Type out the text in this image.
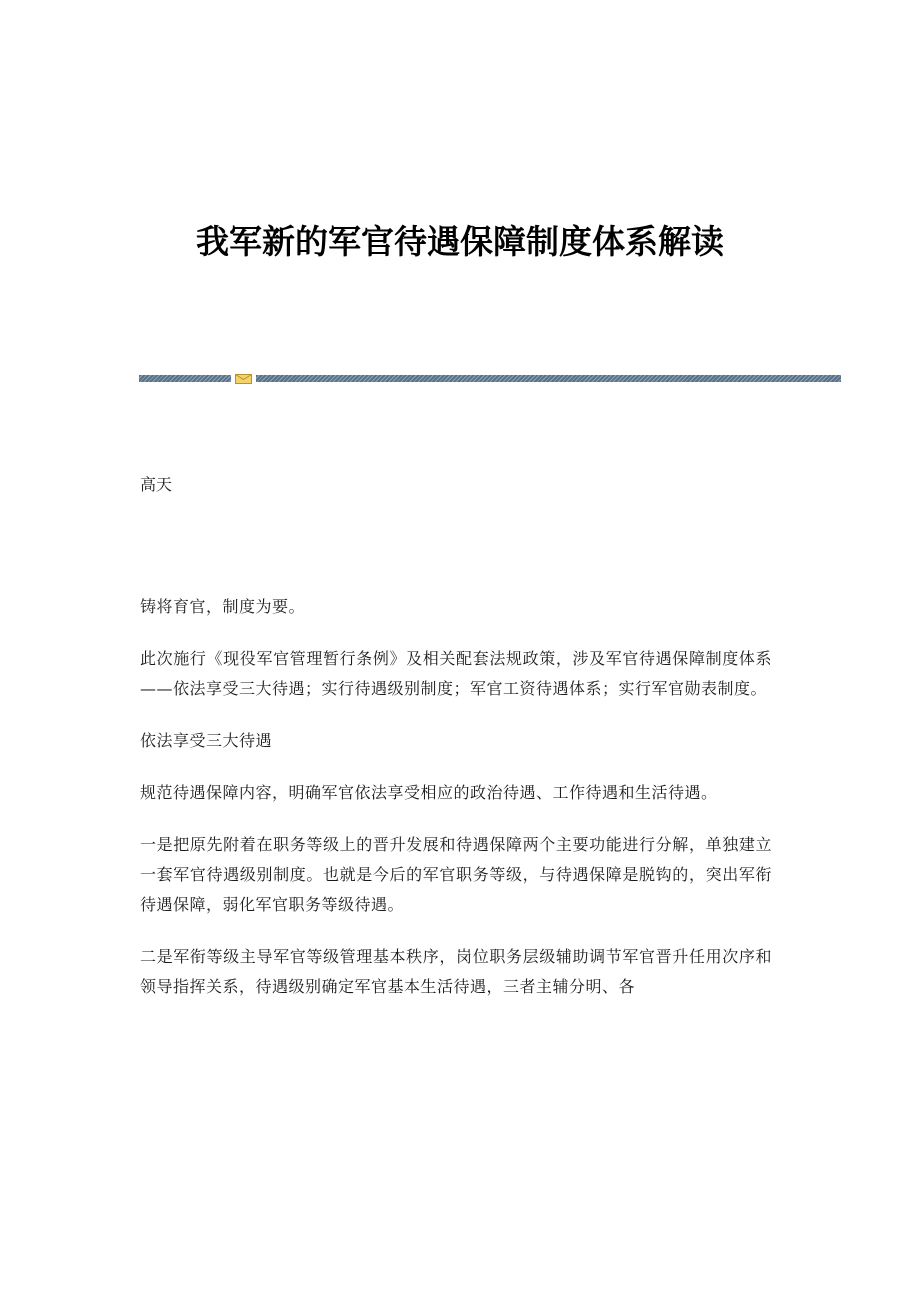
我军新的军官待遇保障制度体系解读
高天

铸将育官，制度为要。

此次施行《现役军官管理暂行条例》及相关配套法规政策，涉及军官待遇保障制度体系——依法享受三大待遇；实行待遇级别制度；军官工资待遇体系；实行军官勋表制度。

依法享受三大待遇

规范待遇保障内容，明确军官依法享受相应的政治待遇、工作待遇和生活待遇。

一是把原先附着在职务等级上的晋升发展和待遇保障两个主要功能进行分解，单独建立一套军官待遇级别制度。也就是今后的军官职务等级，与待遇保障是脱钩的，突出军衔待遇保障，弱化军官职务等级待遇。

二是军衔等级主导军官等级管理基本秩序，岗位职务层级辅助调节军官晋升任用次序和领导指挥关系，待遇级别确定军官基本生活待遇，三者主辅分明、各
